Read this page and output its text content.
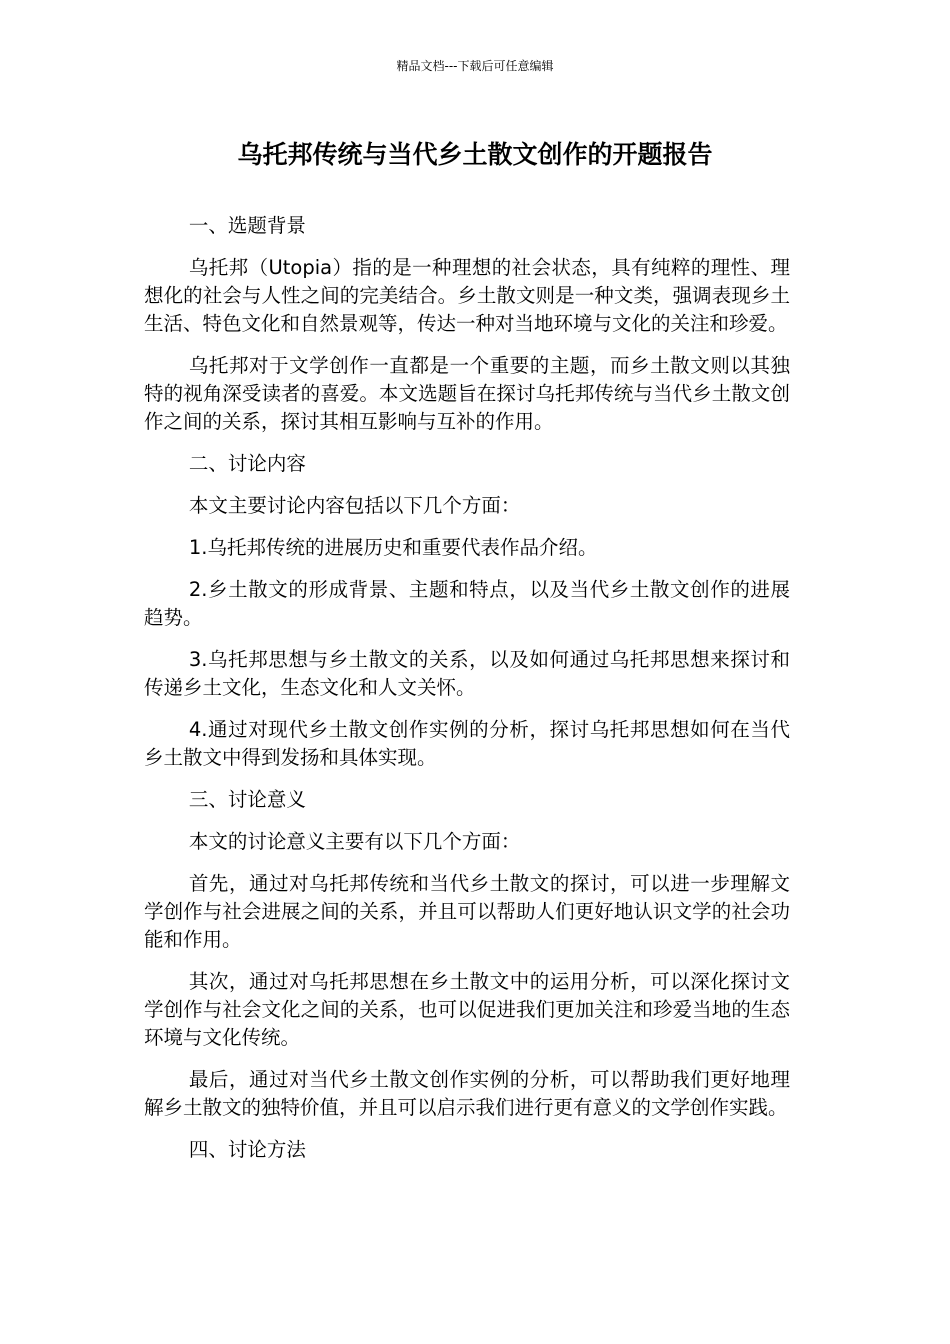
精品文档---下载后可任意编辑
乌托邦传统与当代乡土散文创作的开题报告

一、选题背景

乌托邦（Utopia）指的是一种理想的社会状态，具有纯粹的理性、理想化的社会与人性之间的完美结合。乡土散文则是一种文类，强调表现乡土生活、特色文化和自然景观等，传达一种对当地环境与文化的关注和珍爱。

乌托邦对于文学创作一直都是一个重要的主题，而乡土散文则以其独特的视角深受读者的喜爱。本文选题旨在探讨乌托邦传统与当代乡土散文创作之间的关系，探讨其相互影响与互补的作用。

二、讨论内容

本文主要讨论内容包括以下几个方面：

1.乌托邦传统的进展历史和重要代表作品介绍。

2.乡土散文的形成背景、主题和特点，以及当代乡土散文创作的进展趋势。

3.乌托邦思想与乡土散文的关系，以及如何通过乌托邦思想来探讨和传递乡土文化，生态文化和人文关怀。

4.通过对现代乡土散文创作实例的分析，探讨乌托邦思想如何在当代乡土散文中得到发扬和具体实现。

三、讨论意义

本文的讨论意义主要有以下几个方面：

首先，通过对乌托邦传统和当代乡土散文的探讨，可以进一步理解文学创作与社会进展之间的关系，并且可以帮助人们更好地认识文学的社会功能和作用。

其次，通过对乌托邦思想在乡土散文中的运用分析，可以深化探讨文学创作与社会文化之间的关系，也可以促进我们更加关注和珍爱当地的生态环境与文化传统。

最后，通过对当代乡土散文创作实例的分析，可以帮助我们更好地理解乡土散文的独特价值，并且可以启示我们进行更有意义的文学创作实践。

四、讨论方法
